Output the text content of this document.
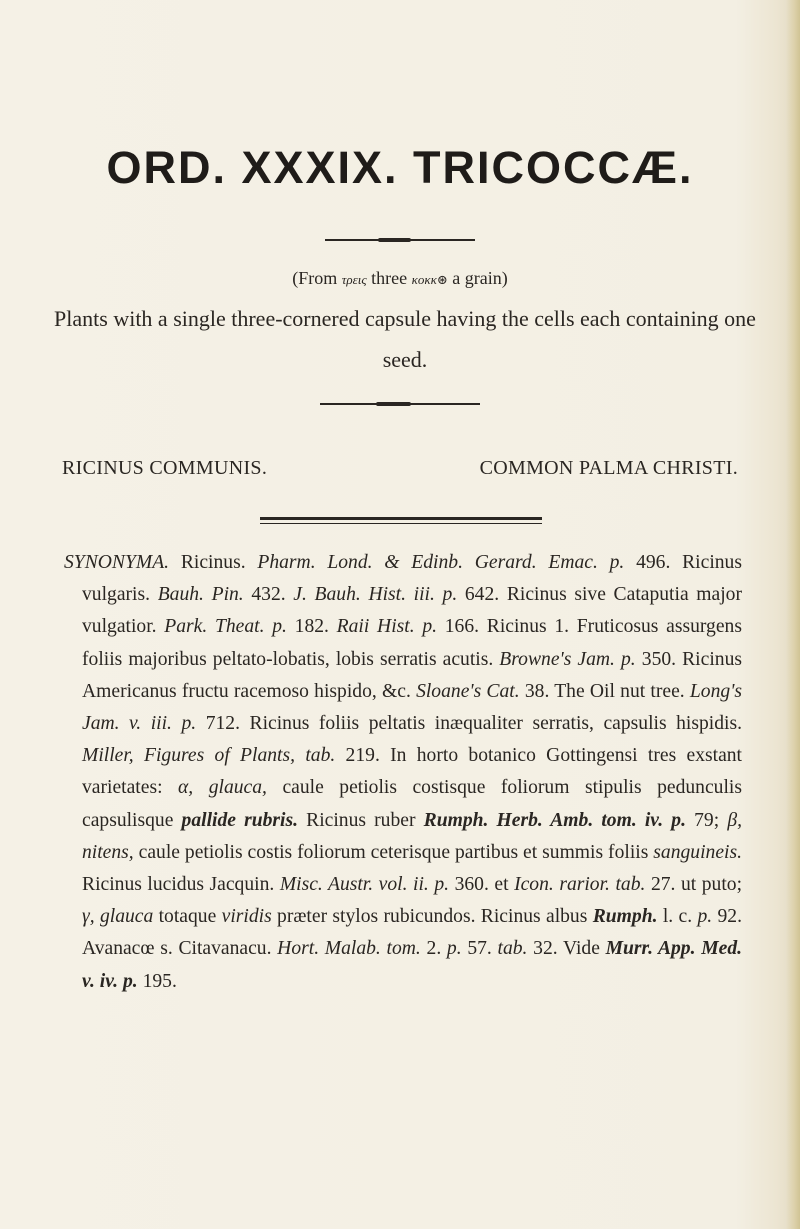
ORD. XXXIX. TRICOCCÆ.
(From τρεις three κοκκ⊛ a grain)
Plants with a single three-cornered capsule having the cells each containing one seed.
RICINUS COMMUNIS.	COMMON PALMA CHRISTI.
SYNONYMA. Ricinus. Pharm. Lond. & Edinb. Gerard. Emac. p. 496. Ricinus vulgaris. Bauh. Pin. 432. J. Bauh. Hist. iii. p. 642. Ricinus sive Cataputia major vulgatior. Park. Theat. p. 182. Raii Hist. p. 166. Ricinus 1. Fruticosus assurgens foliis majoribus peltato-lobatis, lobis serratis acutis. Browne's Jam. p. 350. Ricinus Americanus fructu racemoso hispido, &c. Sloane's Cat. 38. The Oil nut tree. Long's Jam. v. iii. p. 712. Ricinus foliis peltatis inæqualiter serratis, capsulis hispidis. Miller, Figures of Plants, tab. 219. In horto botanico Gottingensi tres exstant varietates: α, glauca, caule petiolis costisque foliorum stipulis pedunculis capsulisque pallide rubris. Ricinus ruber Rumph. Herb. Amb. tom. iv. p. 79; β, nitens, caule petiolis costis foliorum ceterisque partibus et summis foliis sanguineis. Ricinus lucidus Jacquin. Misc. Austr. vol. ii. p. 360. et Icon. rarior. tab. 27. ut puto; γ, glauca totaque viridis præter stylos rubicundos. Ricinus albus Rumph. l. c. p. 92. Avanacœ s. Citavanacu. Hort. Malab. tom. 2. p. 57. tab. 32. Vide Murr. App. Med. v. iv. p. 195.
